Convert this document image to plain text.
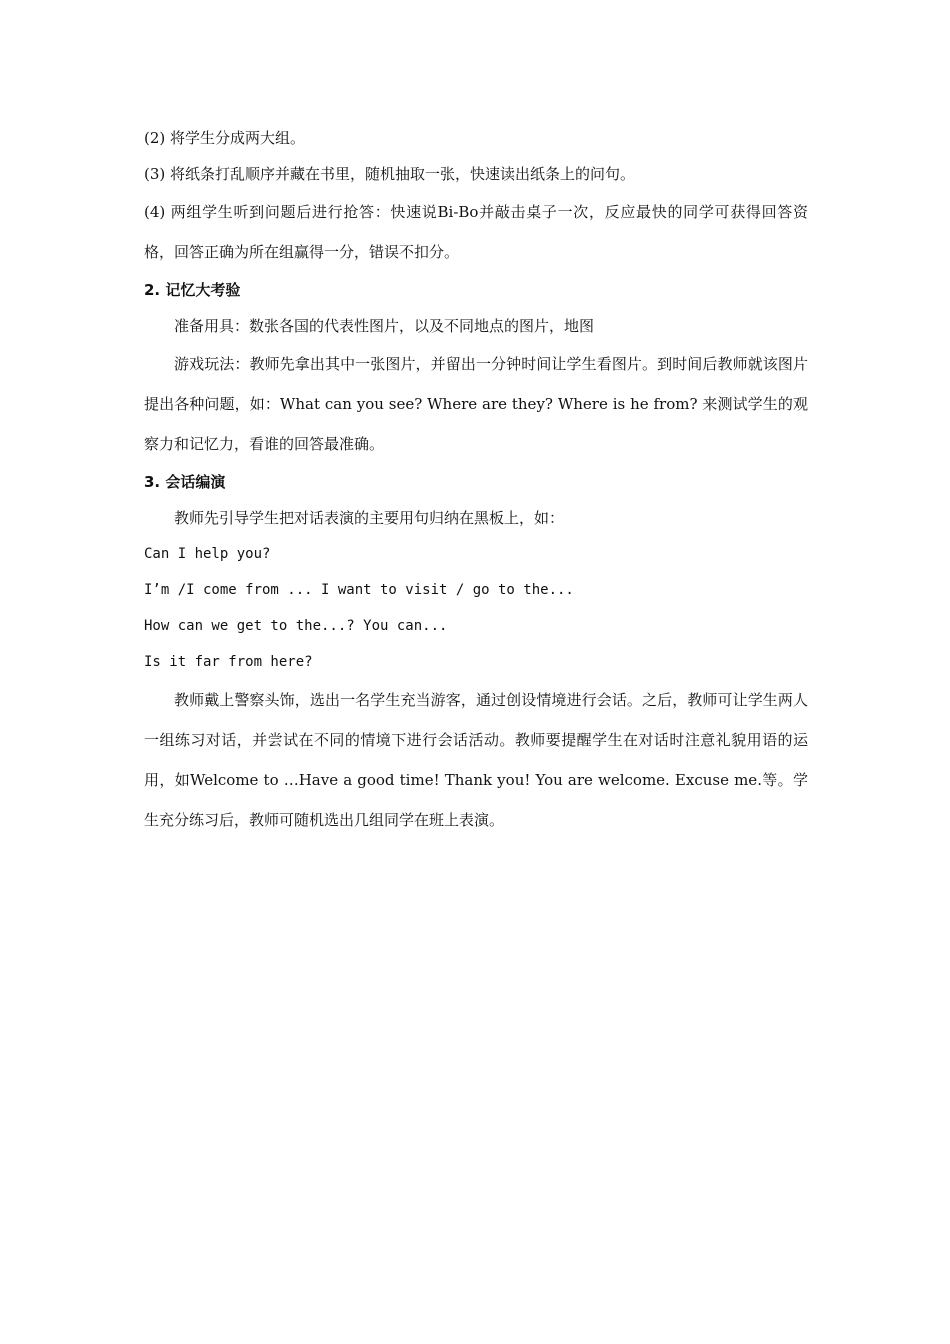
(2) 将学生分成两大组。
(3) 将纸条打乱顺序并藏在书里，随机抽取一张，快速读出纸条上的问句。
(4) 两组学生听到问题后进行抢答：快速说Bi-Bo并敲击桌子一次，反应最快的同学可获得回答资格，回答正确为所在组赢得一分，错误不扣分。
2. 记忆大考验
准备用具：数张各国的代表性图片，以及不同地点的图片，地图
游戏玩法：教师先拿出其中一张图片，并留出一分钟时间让学生看图片。到时间后教师就该图片提出各种问题，如：What can you see? Where are they? Where is he from? 来测试学生的观察力和记忆力，看谁的回答最准确。
3. 会话编演
教师先引导学生把对话表演的主要用句归纳在黑板上，如：
Can I help you?
I’m /I come from ... I want to visit / go to the...
How can we get to the...? You can...
Is it far from here?
教师戴上警察头饰，选出一名学生充当游客，通过创设情境进行会话。之后，教师可让学生两人一组练习对话，并尝试在不同的情境下进行会话活动。教师要提醒学生在对话时注意礼貌用语的运用，如Welcome to …Have a good time! Thank you! You are welcome. Excuse me.等。学生充分练习后，教师可随机选出几组同学在班上表演。
